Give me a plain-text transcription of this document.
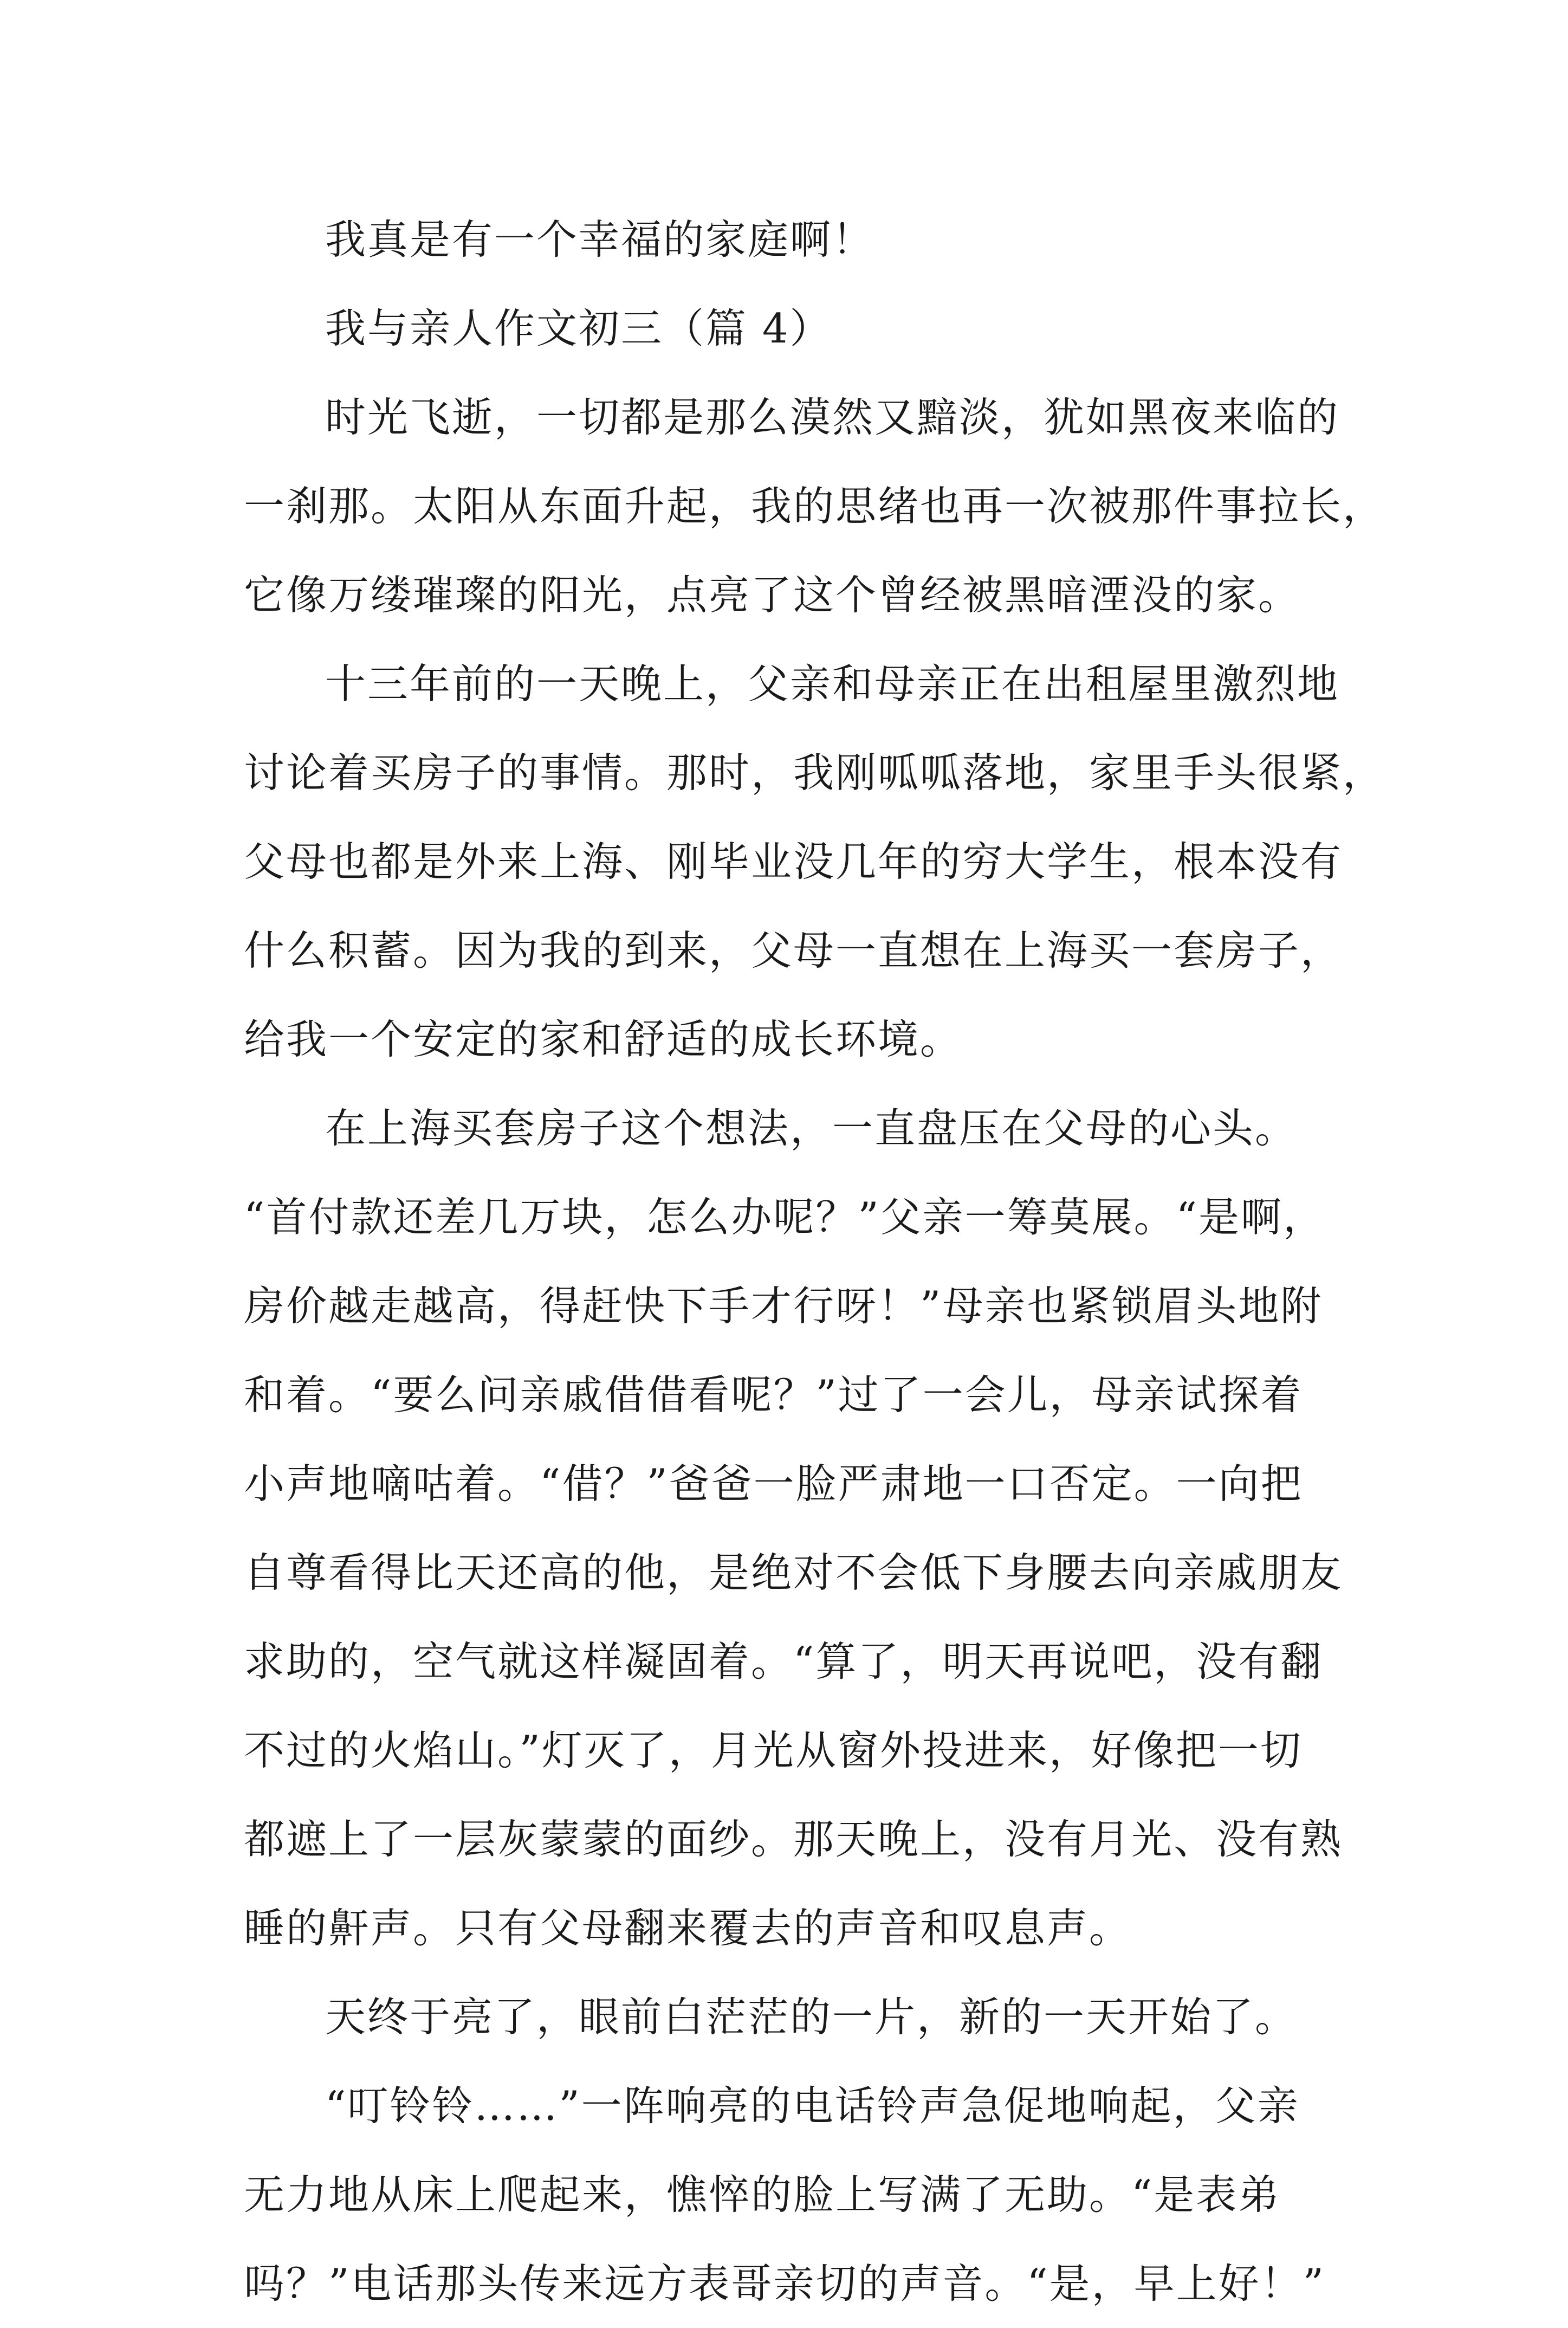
我真是有一个幸福的家庭啊！
我与亲人作文初三（篇 4）
时光飞逝，一切都是那么漠然又黯淡，犹如黑夜来临的
一刹那。太阳从东面升起，我的思绪也再一次被那件事拉长，
它像万缕璀璨的阳光，点亮了这个曾经被黑暗湮没的家。
十三年前的一天晚上，父亲和母亲正在出租屋里激烈地
讨论着买房子的事情。那时，我刚呱呱落地，家里手头很紧，
父母也都是外来上海、刚毕业没几年的穷大学生，根本没有
什么积蓄。因为我的到来，父母一直想在上海买一套房子，
给我一个安定的家和舒适的成长环境。
在上海买套房子这个想法，一直盘压在父母的心头。
“首付款还差几万块，怎么办呢？”父亲一筹莫展。“是啊，
房价越走越高，得赶快下手才行呀！”母亲也紧锁眉头地附
和着。“要么问亲戚借借看呢？”过了一会儿，母亲试探着
小声地嘀咕着。“借？”爸爸一脸严肃地一口否定。一向把
自尊看得比天还高的他，是绝对不会低下身腰去向亲戚朋友
求助的，空气就这样凝固着。“算了，明天再说吧，没有翻
不过的火焰山。”灯灭了，月光从窗外投进来，好像把一切
都遮上了一层灰蒙蒙的面纱。那天晚上，没有月光、没有熟
睡的鼾声。只有父母翻来覆去的声音和叹息声。
天终于亮了，眼前白茫茫的一片，新的一天开始了。
“叮铃铃……”一阵响亮的电话铃声急促地响起，父亲
无力地从床上爬起来，憔悴的脸上写满了无助。“是表弟
吗？”电话那头传来远方表哥亲切的声音。“是，早上好！”
